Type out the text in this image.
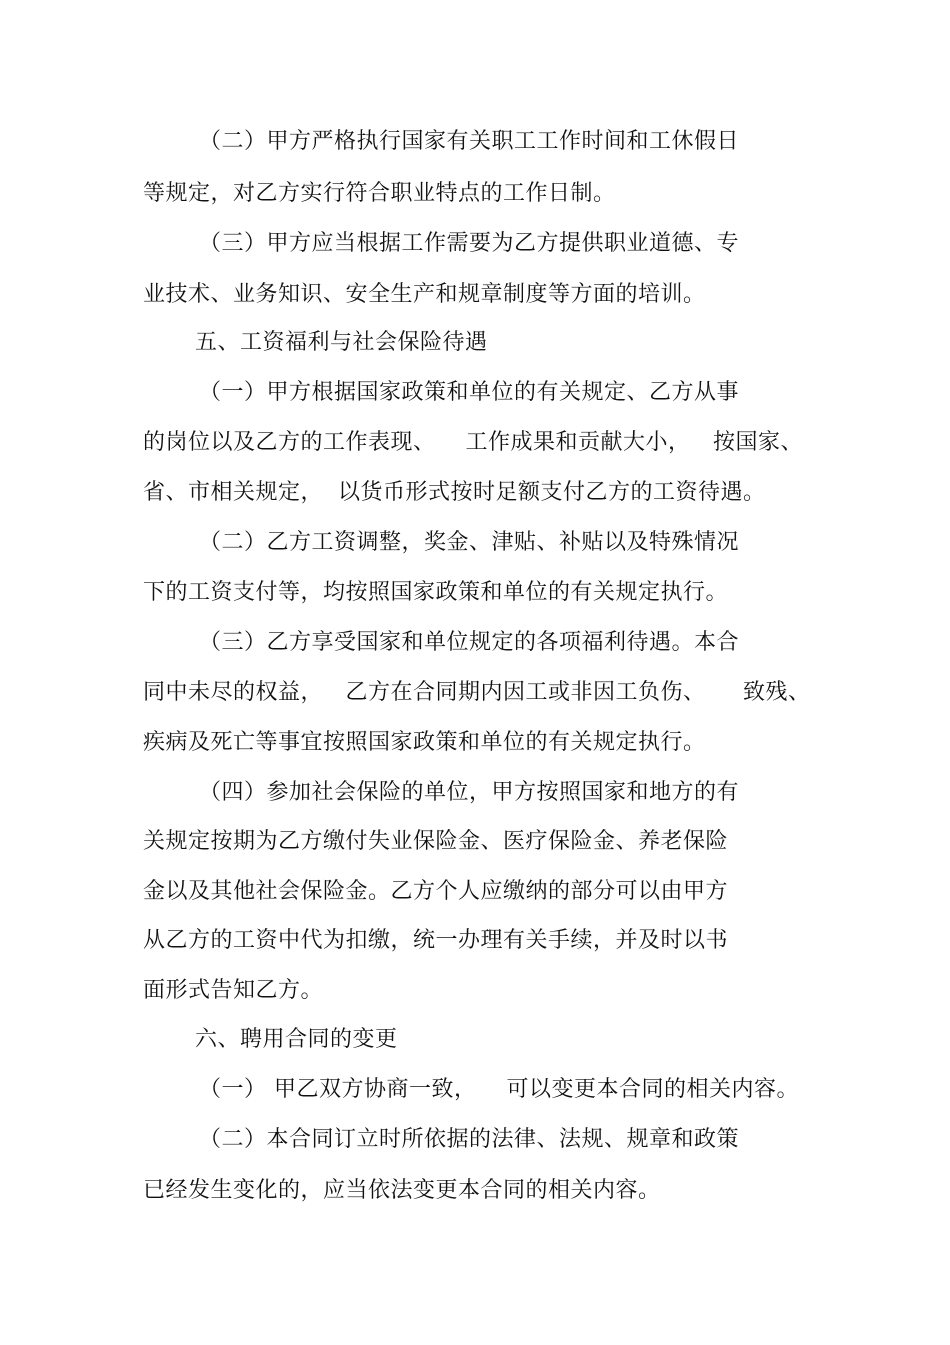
（二）甲方严格执行国家有关职工工作时间和工休假日
等规定，对乙方实行符合职业特点的工作日制。
（三）甲方应当根据工作需要为乙方提供职业道德、专
业技术、业务知识、安全生产和规章制度等方面的培训。
五、工资福利与社会保险待遇
（一）甲方根据国家政策和单位的有关规定、乙方从事
的岗位以及乙方的工作表现、    工作成果和贡献大小，   按国家、
省、市相关规定，  以货币形式按时足额支付乙方的工资待遇。
（二）乙方工资调整，奖金、津贴、补贴以及特殊情况
下的工资支付等，均按照国家政策和单位的有关规定执行。
（三）乙方享受国家和单位规定的各项福利待遇。本合
同中未尽的权益，   乙方在合同期内因工或非因工负伤、     致残、
疾病及死亡等事宜按照国家政策和单位的有关规定执行。
（四）参加社会保险的单位，甲方按照国家和地方的有
关规定按期为乙方缴付失业保险金、医疗保险金、养老保险
金以及其他社会保险金。乙方个人应缴纳的部分可以由甲方
从乙方的工资中代为扣缴，统一办理有关手续，并及时以书
面形式告知乙方。
六、聘用合同的变更
（一） 甲乙双方协商一致，    可以变更本合同的相关内容。
（二）本合同订立时所依据的法律、法规、规章和政策
已经发生变化的，应当依法变更本合同的相关内容。
